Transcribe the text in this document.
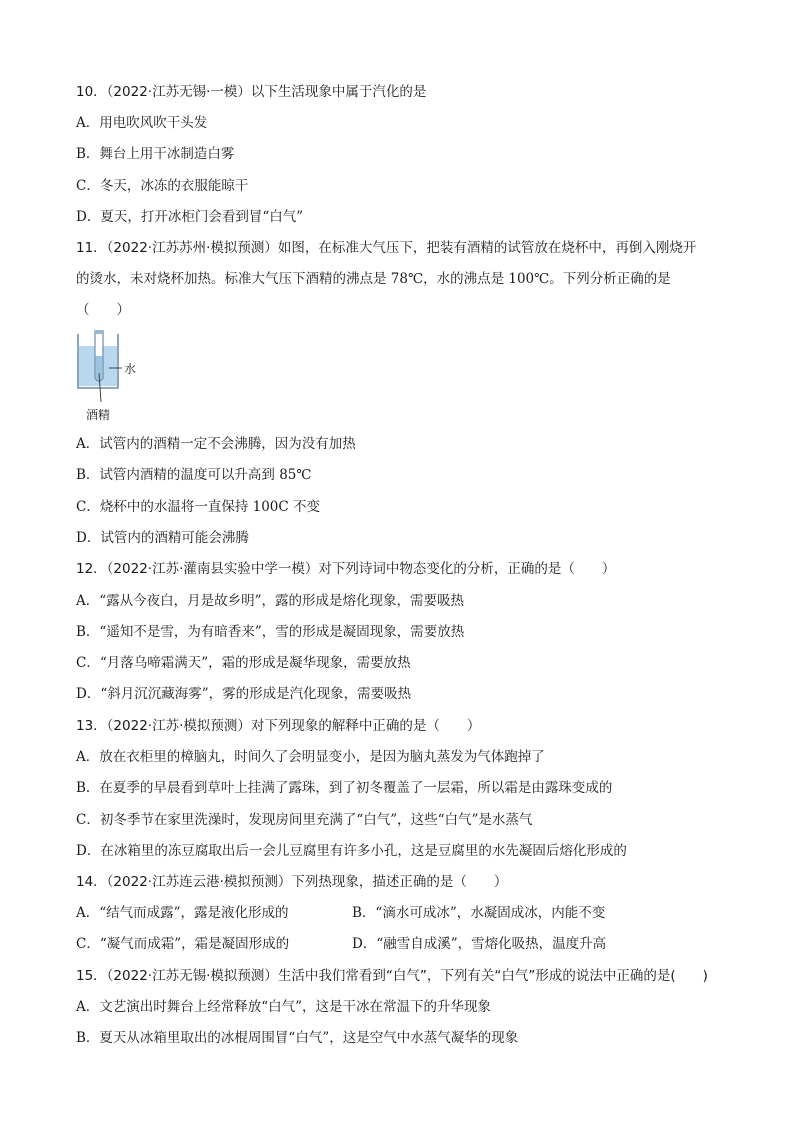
10．（2022·江苏无锡·一模）以下生活现象中属于汽化的是
A．用电吹风吹干头发
B．舞台上用干冰制造白雾
C．冬天，冰冻的衣服能晾干
D．夏天，打开冰柜门会看到冒“白气”
11．（2022·江苏苏州·模拟预测）如图，在标准大气压下，把装有酒精的试管放在烧杯中，再倒入刚烧开
的烫水，未对烧杯加热。标准大气压下酒精的沸点是 78℃，水的沸点是 100℃。下列分析正确的是
（　　）
水
酒精
A．试管内的酒精一定不会沸腾，因为没有加热
B．试管内酒精的温度可以升高到 85℃
C．烧杯中的水温将一直保持 100C 不变
D．试管内的酒精可能会沸腾
12．（2022·江苏·灌南县实验中学一模）对下列诗词中物态变化的分析，正确的是（　　）
A．“露从今夜白，月是故乡明”，露的形成是熔化现象，需要吸热
B．“遥知不是雪，为有暗香来”，雪的形成是凝固现象，需要放热
C．“月落乌啼霜满天”，霜的形成是凝华现象，需要放热
D．“斜月沉沉藏海雾”，雾的形成是汽化现象，需要吸热
13．（2022·江苏·模拟预测）对下列现象的解释中正确的是（　　）
A．放在衣柜里的樟脑丸，时间久了会明显变小，是因为脑丸蒸发为气体跑掉了
B．在夏季的早晨看到草叶上挂满了露珠，到了初冬覆盖了一层霜，所以霜是由露珠变成的
C．初冬季节在家里洗澡时，发现房间里充满了“白气”，这些“白气”是水蒸气
D．在冰箱里的冻豆腐取出后一会儿豆腐里有许多小孔，这是豆腐里的水先凝固后熔化形成的
14．（2022·江苏连云港·模拟预测）下列热现象，描述正确的是（　　）
A．“结气而成露”，露是液化形成的	B．“滴水可成冰”，水凝固成冰，内能不变
C．“凝气而成霜”，霜是凝固形成的	D．“融雪自成溪”，雪熔化吸热，温度升高
15．（2022·江苏无锡·模拟预测）生活中我们常看到“白气”，下列有关“白气”形成的说法中正确的是(　　)
A．文艺演出时舞台上经常释放“白气”，这是干冰在常温下的升华现象
B．夏天从冰箱里取出的冰棍周围冒“白气”，这是空气中水蒸气凝华的现象
